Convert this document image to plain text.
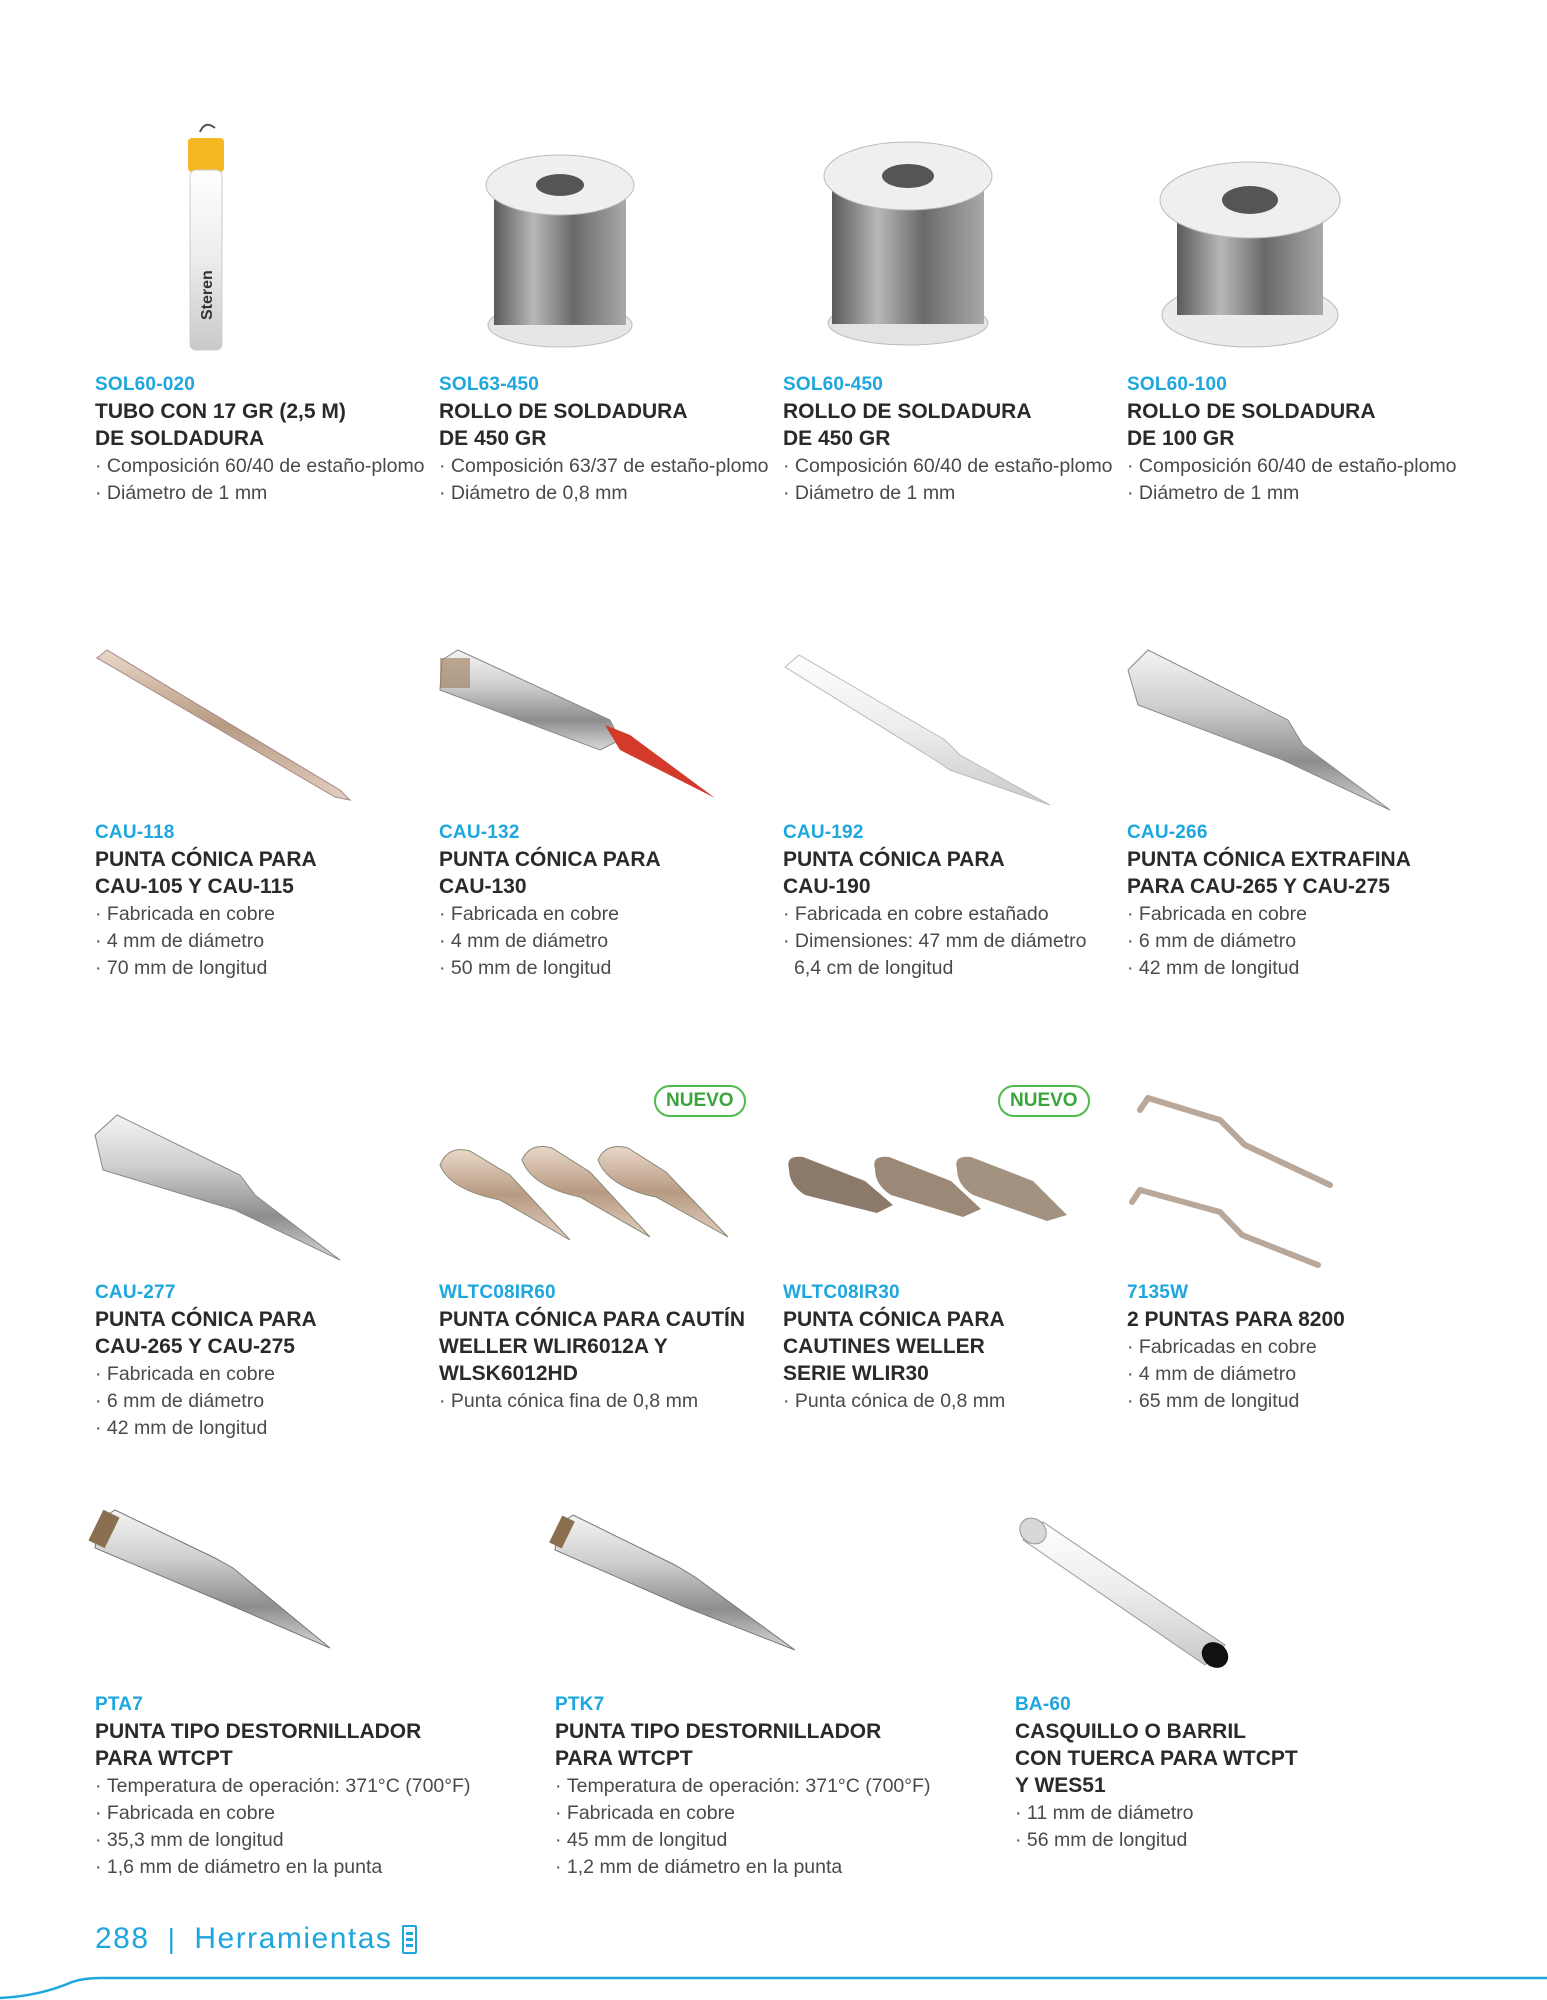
Steren
SOL60-020
TUBO CON 17 GR (2,5 M)
DE SOLDADURA
· Composición 60/40 de estaño-plomo
· Diámetro de 1 mm
SOL63-450
ROLLO DE SOLDADURA
DE 450 GR
· Composición 63/37 de estaño-plomo
· Diámetro de 0,8 mm
SOL60-450
ROLLO DE SOLDADURA
DE 450 GR
· Composición 60/40 de estaño-plomo
· Diámetro de 1 mm
SOL60-100
ROLLO DE SOLDADURA
DE 100 GR
· Composición 60/40 de estaño-plomo
· Diámetro de 1 mm
CAU-118
PUNTA CÓNICA PARA
CAU-105 Y CAU-115
· Fabricada en cobre
· 4 mm de diámetro
· 70 mm de longitud
CAU-132
PUNTA CÓNICA PARA
CAU-130
· Fabricada en cobre
· 4 mm de diámetro
· 50 mm de longitud
CAU-192
PUNTA CÓNICA PARA
CAU-190
· Fabricada en cobre estañado
· Dimensiones: 47 mm de diámetro 6,4 cm de longitud
CAU-266
PUNTA CÓNICA EXTRAFINA
PARA CAU-265 Y CAU-275
· Fabricada en cobre
· 6 mm de diámetro
· 42 mm de longitud
NUEVO	NUEVO
CAU-277
PUNTA CÓNICA PARA
CAU-265 Y CAU-275
· Fabricada en cobre
· 6 mm de diámetro
· 42 mm de longitud
WLTC08IR60
PUNTA CÓNICA PARA CAUTÍN
WELLER WLIR6012A Y
WLSK6012HD
· Punta cónica fina de 0,8 mm
WLTC08IR30
PUNTA CÓNICA PARA
CAUTINES WELLER
SERIE WLIR30
· Punta cónica de 0,8 mm
7135W
2 PUNTAS PARA 8200
· Fabricadas en cobre
· 4 mm de diámetro
· 65 mm de longitud
PTA7
PUNTA TIPO DESTORNILLADOR
PARA WTCPT
· Temperatura de operación: 371°C (700°F)
· Fabricada en cobre
· 35,3 mm de longitud
· 1,6 mm de diámetro en la punta
PTK7
PUNTA TIPO DESTORNILLADOR
PARA WTCPT
· Temperatura de operación: 371°C (700°F)
· Fabricada en cobre
· 45 mm de longitud
· 1,2 mm de diámetro en la punta
BA-60
CASQUILLO O BARRIL
CON TUERCA PARA WTCPT
Y WES51
· 11 mm de diámetro
· 56 mm de longitud
288 | Herramientas
